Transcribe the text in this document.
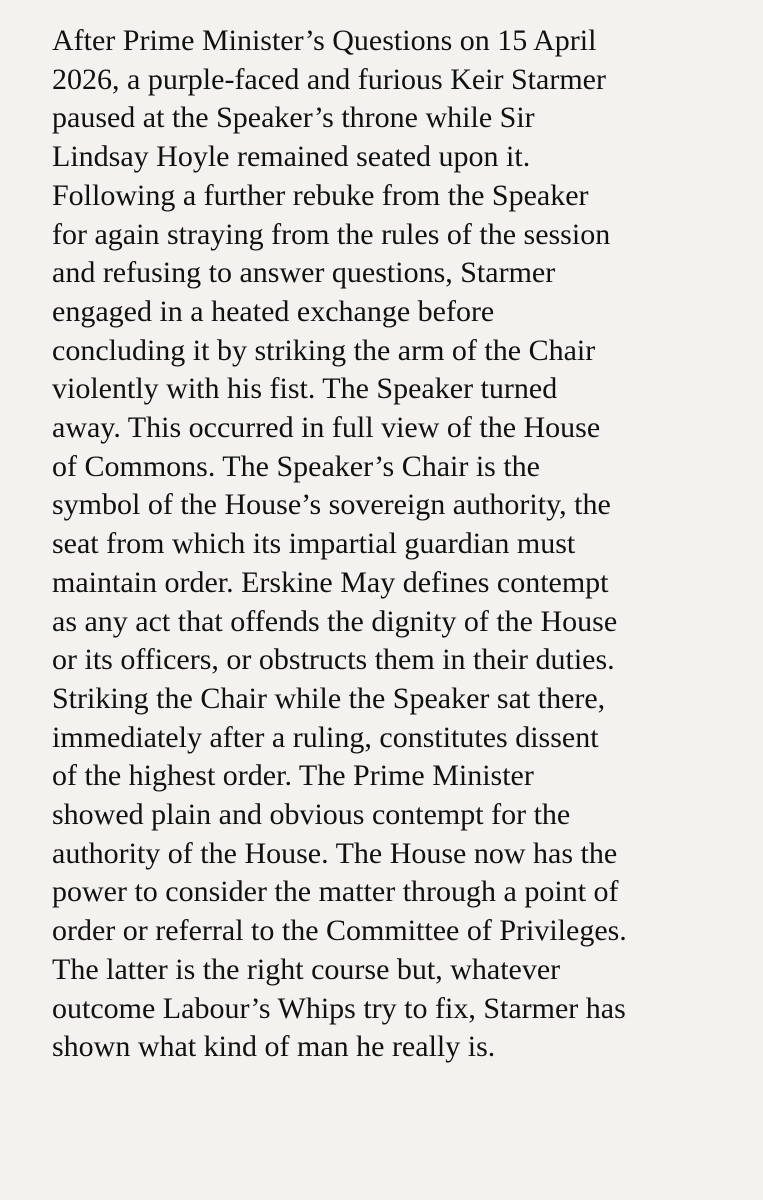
After Prime Minister’s Questions on 15 April
2026, a purple-faced and furious Keir Starmer
paused at the Speaker’s throne while Sir
Lindsay Hoyle remained seated upon it.
Following a further rebuke from the Speaker
for again straying from the rules of the session
and refusing to answer questions, Starmer
engaged in a heated exchange before
concluding it by striking the arm of the Chair
violently with his fist. The Speaker turned
away. This occurred in full view of the House
of Commons. The Speaker’s Chair is the
symbol of the House’s sovereign authority, the
seat from which its impartial guardian must
maintain order. Erskine May defines contempt
as any act that offends the dignity of the House
or its officers, or obstructs them in their duties.
Striking the Chair while the Speaker sat there,
immediately after a ruling, constitutes dissent
of the highest order. The Prime Minister
showed plain and obvious contempt for the
authority of the House. The House now has the
power to consider the matter through a point of
order or referral to the Committee of Privileges.
The latter is the right course but, whatever
outcome Labour’s Whips try to fix, Starmer has
shown what kind of man he really is.
